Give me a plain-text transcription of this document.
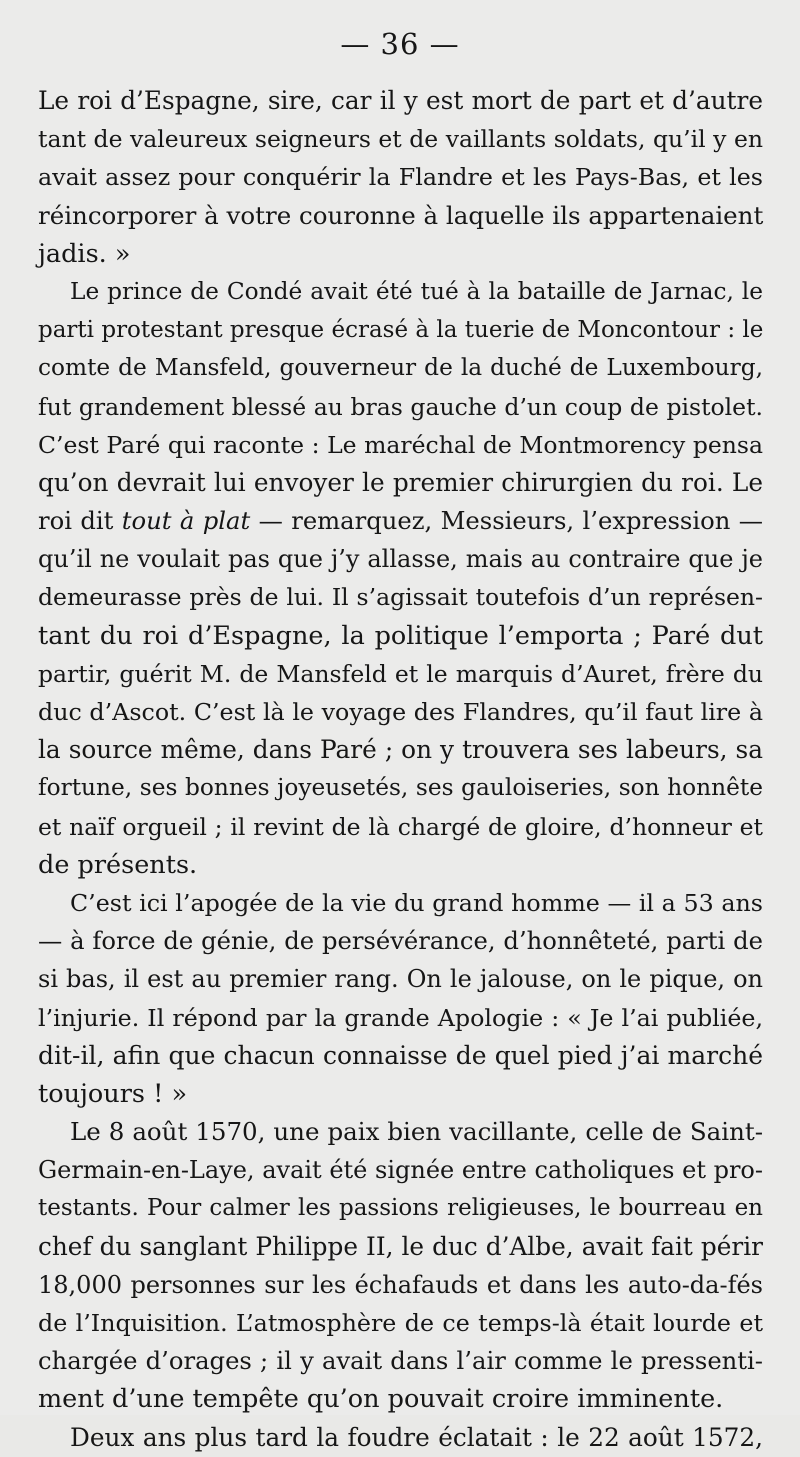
— 36 —
Le roi d’Espagne, sire, car il y est mort de part et d’autre
tant de valeureux seigneurs et de vaillants soldats, qu’il y en
avait assez pour conquérir la Flandre et les Pays-Bas, et les
réincorporer à votre couronne à laquelle ils appartenaient
jadis. »
Le prince de Condé avait été tué à la bataille de Jarnac, le
parti protestant presque écrasé à la tuerie de Moncontour : le
comte de Mansfeld, gouverneur de la duché de Luxembourg,
fut grandement blessé au bras gauche d’un coup de pistolet.
C’est Paré qui raconte : Le maréchal de Montmorency pensa
qu’on devrait lui envoyer le premier chirurgien du roi. Le
roi dit tout à plat — remarquez, Messieurs, l’expression —
qu’il ne voulait pas que j’y allasse, mais au contraire que je
demeurasse près de lui. Il s’agissait toutefois d’un représen-
tant du roi d’Espagne, la politique l’emporta ; Paré dut
partir, guérit M. de Mansfeld et le marquis d’Auret, frère du
duc d’Ascot. C’est là le voyage des Flandres, qu’il faut lire à
la source même, dans Paré ; on y trouvera ses labeurs, sa
fortune, ses bonnes joyeusetés, ses gauloiseries, son honnête
et naïf orgueil ; il revint de là chargé de gloire, d’honneur et
de présents.
C’est ici l’apogée de la vie du grand homme — il a 53 ans
— à force de génie, de persévérance, d’honnêteté, parti de
si bas, il est au premier rang. On le jalouse, on le pique, on
l’injurie. Il répond par la grande Apologie : « Je l’ai publiée,
dit-il, afin que chacun connaisse de quel pied j’ai marché
toujours ! »
Le 8 août 1570, une paix bien vacillante, celle de Saint-
Germain-en-Laye, avait été signée entre catholiques et pro-
testants. Pour calmer les passions religieuses, le bourreau en
chef du sanglant Philippe II, le duc d’Albe, avait fait périr
18,000 personnes sur les échafauds et dans les auto-da-fés
de l’Inquisition. L’atmosphère de ce temps-là était lourde et
chargée d’orages ; il y avait dans l’air comme le pressenti-
ment d’une tempête qu’on pouvait croire imminente.
Deux ans plus tard la foudre éclatait : le 22 août 1572,
